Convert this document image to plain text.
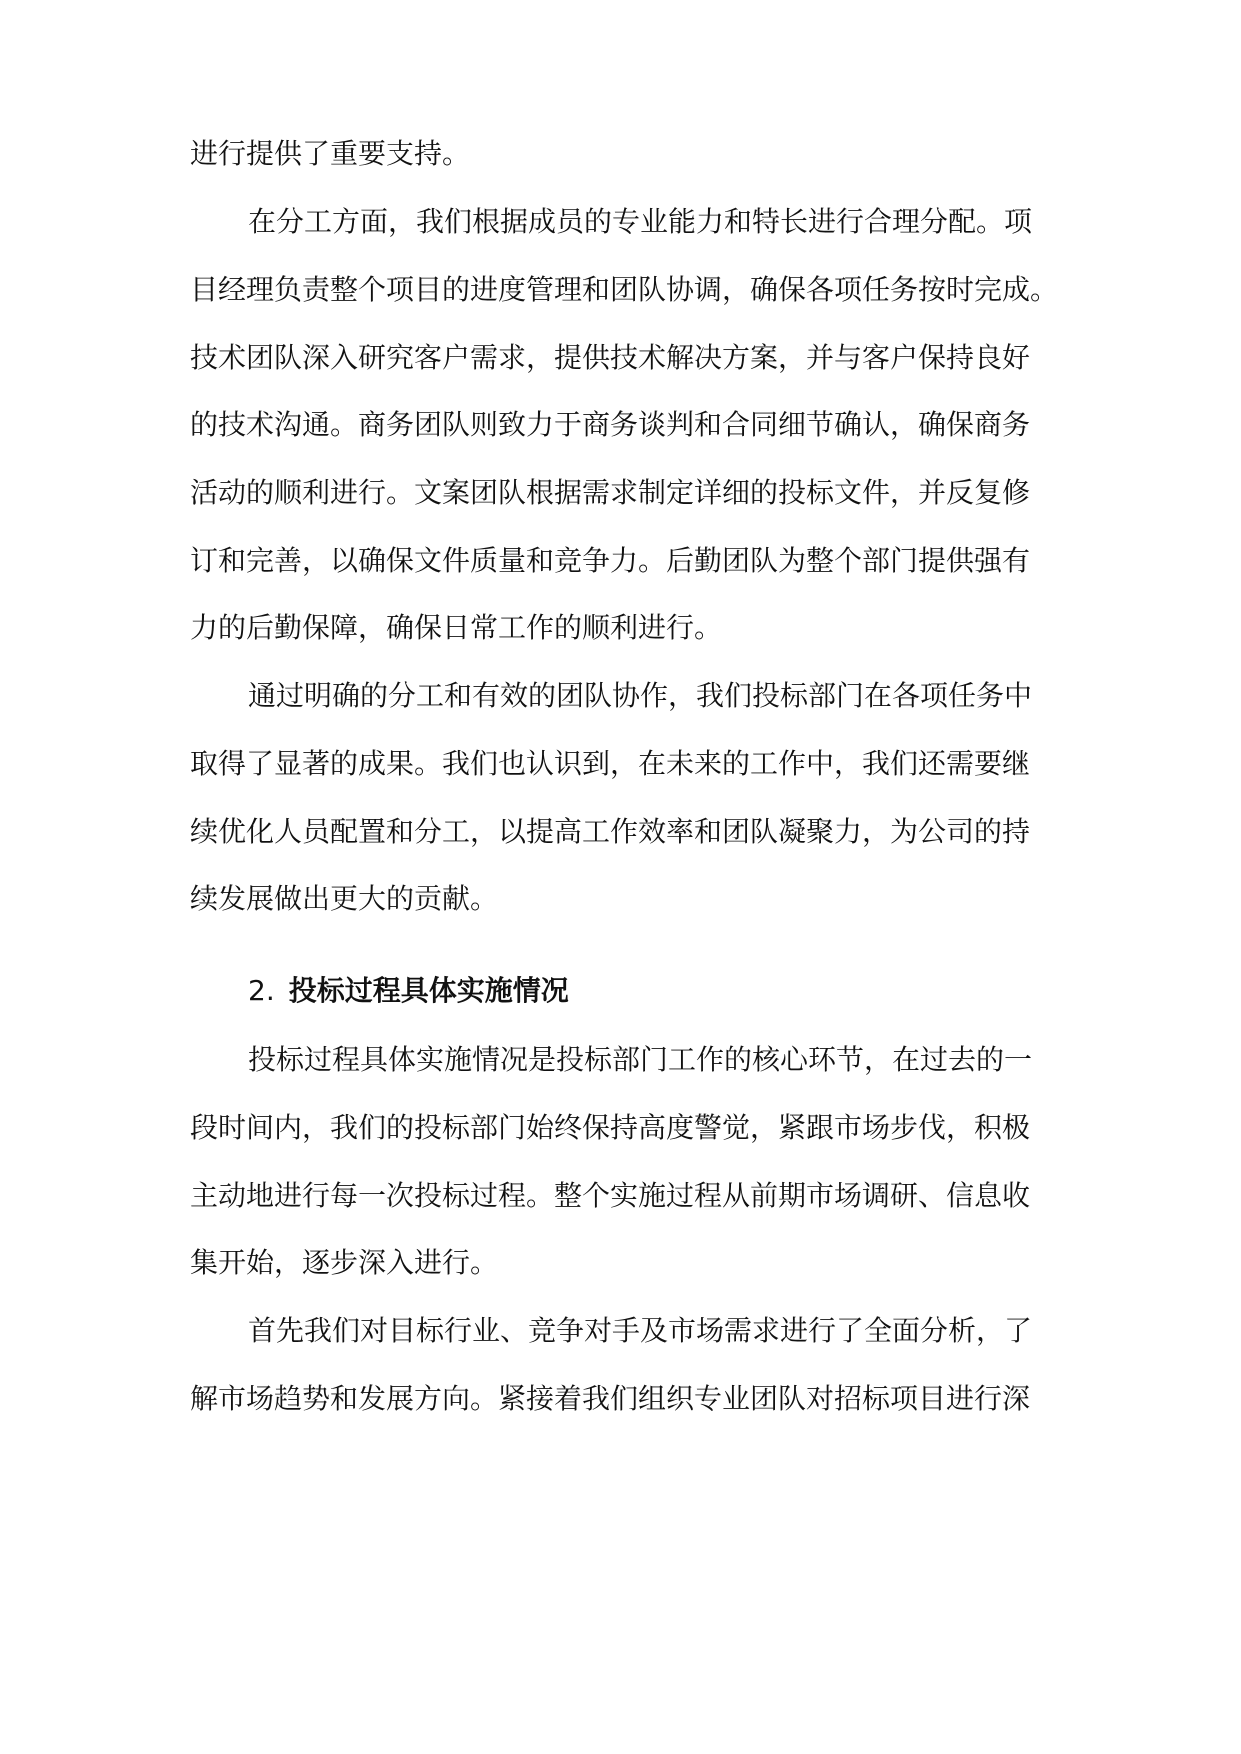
进行提供了重要支持。
在分工方面，我们根据成员的专业能力和特长进行合理分配。项
目经理负责整个项目的进度管理和团队协调，确保各项任务按时完成。
技术团队深入研究客户需求，提供技术解决方案，并与客户保持良好
的技术沟通。商务团队则致力于商务谈判和合同细节确认，确保商务
活动的顺利进行。文案团队根据需求制定详细的投标文件，并反复修
订和完善，以确保文件质量和竞争力。后勤团队为整个部门提供强有
力的后勤保障，确保日常工作的顺利进行。
通过明确的分工和有效的团队协作，我们投标部门在各项任务中
取得了显著的成果。我们也认识到，在未来的工作中，我们还需要继
续优化人员配置和分工，以提高工作效率和团队凝聚力，为公司的持
续发展做出更大的贡献。
2. 投标过程具体实施情况
投标过程具体实施情况是投标部门工作的核心环节，在过去的一
段时间内，我们的投标部门始终保持高度警觉，紧跟市场步伐，积极
主动地进行每一次投标过程。整个实施过程从前期市场调研、信息收
集开始，逐步深入进行。
首先我们对目标行业、竞争对手及市场需求进行了全面分析，了
解市场趋势和发展方向。紧接着我们组织专业团队对招标项目进行深
